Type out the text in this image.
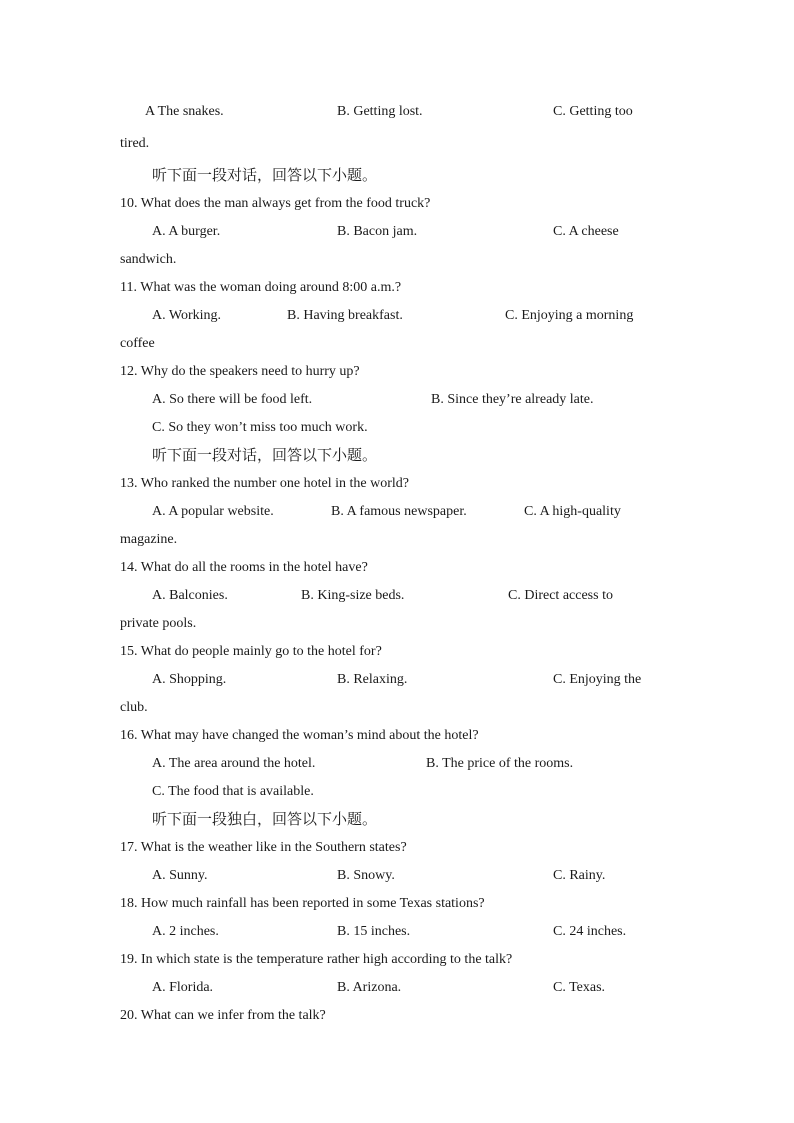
A The snakes.	B. Getting lost.	C. Getting too
tired.
听下面一段对话，回答以下小题。
10. What does the man always get from the food truck?
A. A burger.	B. Bacon jam.	C. A cheese
sandwich.
11. What was the woman doing around 8:00 a.m.?
A. Working.	B. Having breakfast.	C. Enjoying a morning
coffee
12. Why do the speakers need to hurry up?
A. So there will be food left.	B. Since they’re already late.
C. So they won’t miss too much work.
听下面一段对话，回答以下小题。
13. Who ranked the number one hotel in the world?
A. A popular website.	B. A famous newspaper.	C. A high-quality
magazine.
14. What do all the rooms in the hotel have?
A. Balconies.	B. King-size beds.	C. Direct access to
private pools.
15. What do people mainly go to the hotel for?
A. Shopping.	B. Relaxing.	C. Enjoying the
club.
16. What may have changed the woman’s mind about the hotel?
A. The area around the hotel.	B. The price of the rooms.
C. The food that is available.
听下面一段独白，回答以下小题。
17. What is the weather like in the Southern states?
A. Sunny.	B. Snowy.	C. Rainy.
18. How much rainfall has been reported in some Texas stations?
A. 2 inches.	B. 15 inches.	C. 24 inches.
19. In which state is the temperature rather high according to the talk?
A. Florida.	B. Arizona.	C. Texas.
20. What can we infer from the talk?
